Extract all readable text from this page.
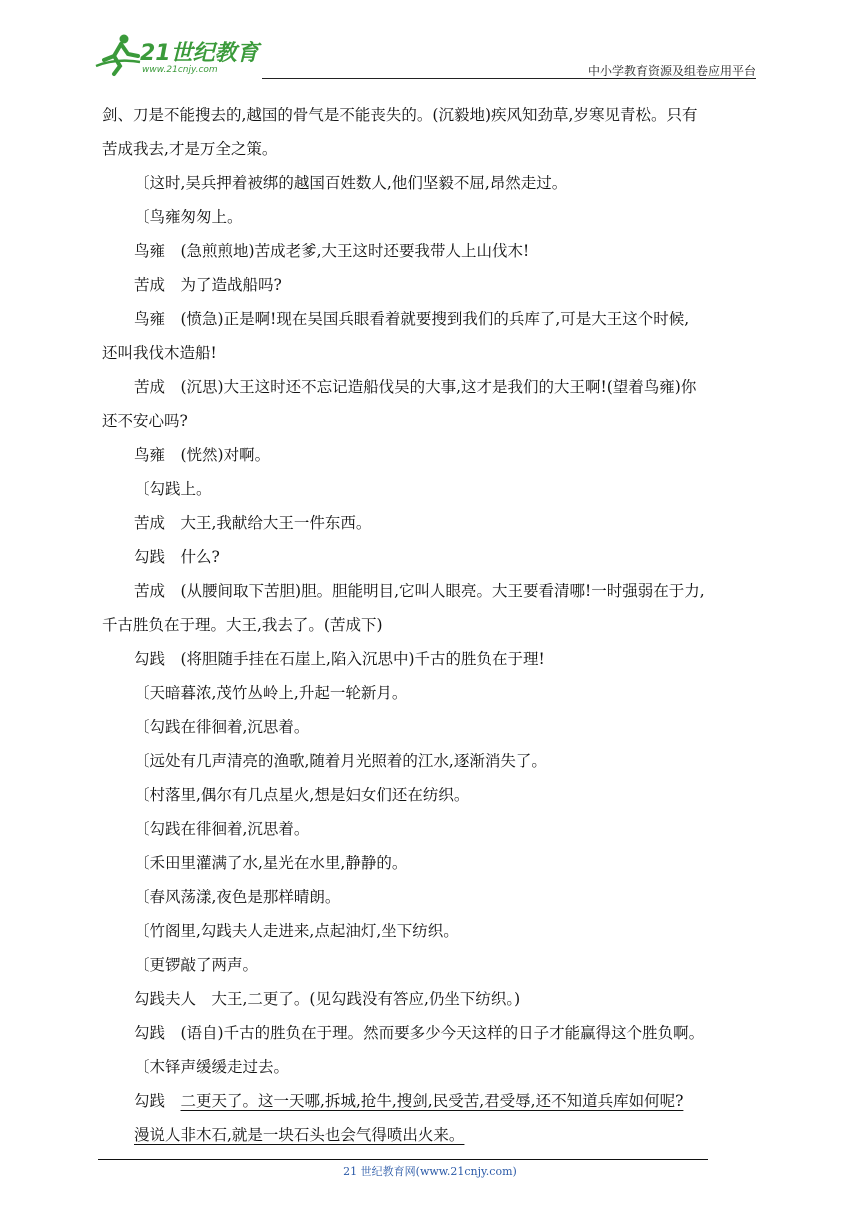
21世纪教育
www.21cnjy.com	中小学教育资源及组卷应用平台
剑、刀是不能搜去的,越国的骨气是不能丧失的。(沉毅地)疾风知劲草,岁寒见青松。只有
苦成我去,才是万全之策。
〔这时,吴兵押着被绑的越国百姓数人,他们坚毅不屈,昂然走过。
〔鸟雍匆匆上。
鸟雍　(急煎煎地)苦成老爹,大王这时还要我带人上山伐木!
苦成　为了造战船吗?
鸟雍　(愤急)正是啊!现在吴国兵眼看着就要搜到我们的兵库了,可是大王这个时候,
还叫我伐木造船!
苦成　(沉思)大王这时还不忘记造船伐吴的大事,这才是我们的大王啊!(望着鸟雍)你
还不安心吗?
鸟雍　(恍然)对啊。
〔勾践上。
苦成　大王,我献给大王一件东西。
勾践　什么?
苦成　(从腰间取下苦胆)胆。胆能明目,它叫人眼亮。大王要看清哪!一时强弱在于力,
千古胜负在于理。大王,我去了。(苦成下)
勾践　(将胆随手挂在石崖上,陷入沉思中)千古的胜负在于理!
〔天暗暮浓,茂竹丛岭上,升起一轮新月。
〔勾践在徘徊着,沉思着。
〔远处有几声清亮的渔歌,随着月光照着的江水,逐渐消失了。
〔村落里,偶尔有几点星火,想是妇女们还在纺织。
〔勾践在徘徊着,沉思着。
〔禾田里灌满了水,星光在水里,静静的。
〔春风荡漾,夜色是那样晴朗。
〔竹阁里,勾践夫人走进来,点起油灯,坐下纺织。
〔更锣敲了两声。
勾践夫人　大王,二更了。(见勾践没有答应,仍坐下纺织。)
勾践　(语自)千古的胜负在于理。然而要多少今天这样的日子才能赢得这个胜负啊。
〔木铎声缓缓走过去。
勾践　二更天了。这一天哪,拆城,抢牛,搜剑,民受苦,君受辱,还不知道兵库如何呢?
漫说人非木石,就是一块石头也会气得喷出火来。
21 世纪教育网(www.21cnjy.com)
